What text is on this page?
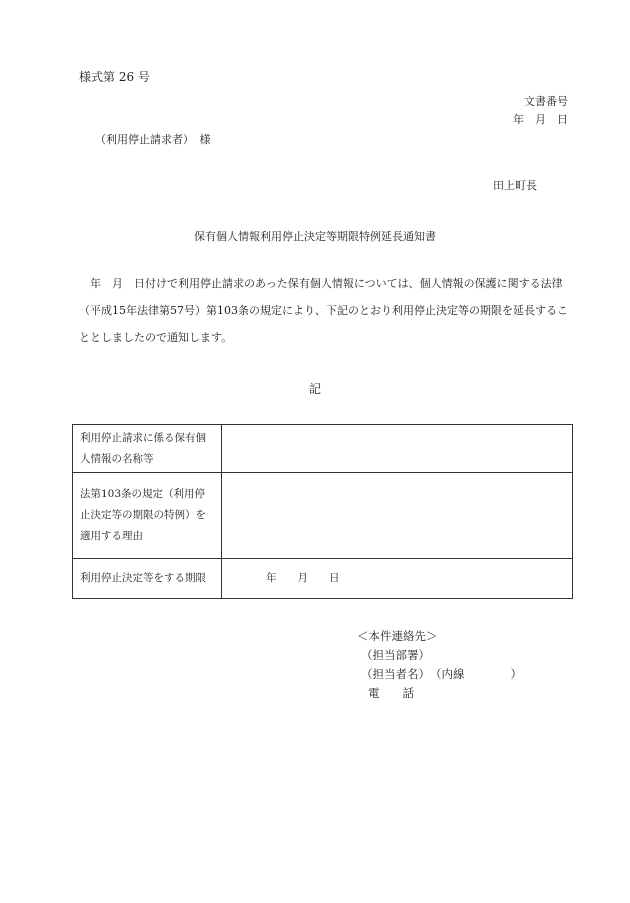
様式第 26 号
文書番号
年　月　日
（利用停止請求者）　様
田上町長
保有個人情報利用停止決定等期限特例延長通知書

　年　月　日付けで利用停止請求のあった保有個人情報については、個人情報の保護に関する法律（平成15年法律第57号）第103条の規定により、下記のとおり利用停止決定等の期限を延長することとしましたので通知します。

記
利用停止請求に係る保有個人情報の名称等	
法第103条の規定（利用停止決定等の期限の特例）を適用する理由	
利用停止決定等をする期限	年　　月　　日
＜本件連絡先＞
（担当部署）
（担当者名）　（内線　　　　）
電　　話
